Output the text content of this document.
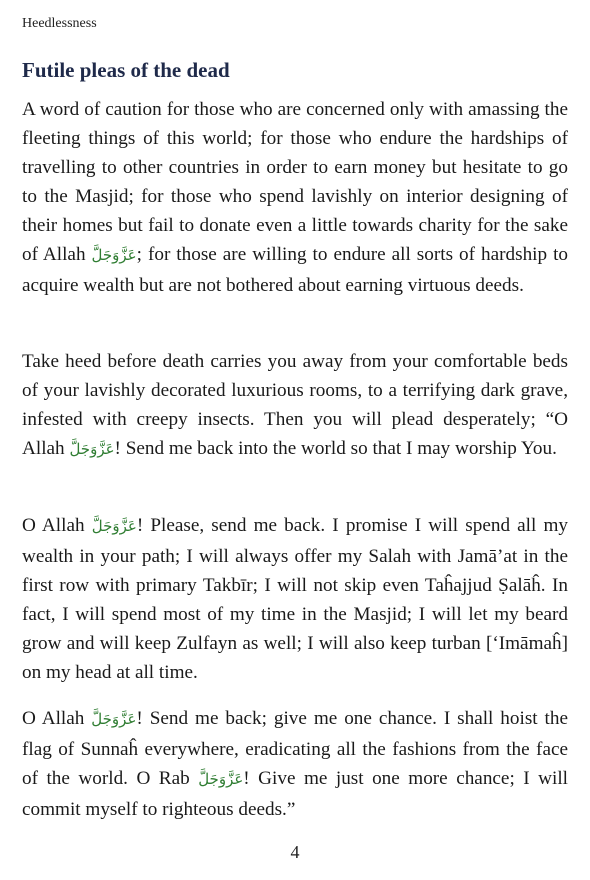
Heedlessness
Futile pleas of the dead

A word of caution for those who are concerned only with amassing the fleeting things of this world; for those who endure the hardships of travelling to other countries in order to earn money but hesitate to go to the Masjid; for those who spend lavishly on interior designing of their homes but fail to donate even a little towards charity for the sake of Allah عَزَّوَجَلَّ; for those are willing to endure all sorts of hardship to acquire wealth but are not bothered about earning virtuous deeds.

Take heed before death carries you away from your comfortable beds of your lavishly decorated luxurious rooms, to a terrifying dark grave, infested with creepy insects. Then you will plead desperately; “O Allah عَزَّوَجَلَّ! Send me back into the world so that I may worship You.

O Allah عَزَّوَجَلَّ! Please, send me back. I promise I will spend all my wealth in your path; I will always offer my Salah with Jamā’at in the first row with primary Takbīr; I will not skip even Taĥajjud Ṣalāĥ. In fact, I will spend most of my time in the Masjid; I will let my beard grow and will keep Zulfayn as well; I will also keep turban [‘Imāmaĥ] on my head at all time.

O Allah عَزَّوَجَلَّ! Send me back; give me one chance. I shall hoist the flag of Sunnaĥ everywhere, eradicating all the fashions from the face of the world. O Rab عَزَّوَجَلَّ! Give me just one more chance; I will commit myself to righteous deeds.”

4
